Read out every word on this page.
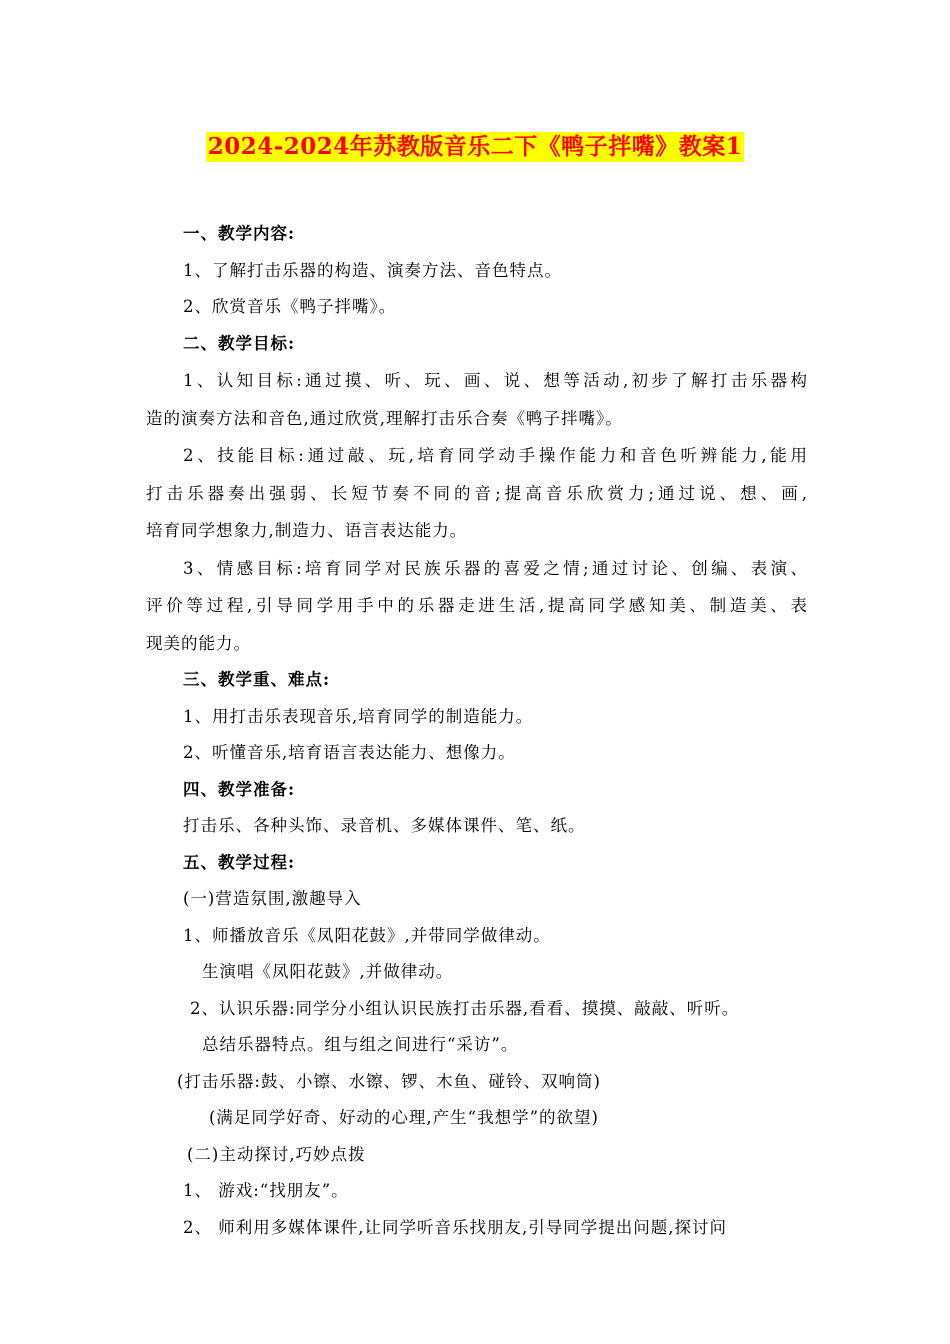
2024-2024年苏教版音乐二下《鸭子拌嘴》教案1
一、教学内容:
1、了解打击乐器的构造、演奏方法、音色特点。
2、欣赏音乐《鸭子拌嘴》。
二、教学目标:
1、认知目标:通过摸、听、玩、画、说、想等活动,初步了解打击乐器构
造的演奏方法和音色,通过欣赏,理解打击乐合奏《鸭子拌嘴》。
2、技能目标:通过敲、玩,培育同学动手操作能力和音色听辨能力,能用
打击乐器奏出强弱、长短节奏不同的音;提高音乐欣赏力;通过说、想、画,
培育同学想象力,制造力、语言表达能力。
3、情感目标:培育同学对民族乐器的喜爱之情;通过讨论、创编、表演、
评价等过程,引导同学用手中的乐器走进生活,提高同学感知美、制造美、表
现美的能力。
三、教学重、难点:
1、用打击乐表现音乐,培育同学的制造能力。
2、听懂音乐,培育语言表达能力、想像力。
四、教学准备:
打击乐、各种头饰、录音机、多媒体课件、笔、纸。
五、教学过程:
(一)营造氛围,激趣导入
1、师播放音乐《凤阳花鼓》,并带同学做律动。
生演唱《凤阳花鼓》,并做律动。
2、认识乐器:同学分小组认识民族打击乐器,看看、摸摸、敲敲、听听。
总结乐器特点。组与组之间进行“采访”。
(打击乐器:鼓、小镲、水镲、锣、木鱼、碰铃、双响筒)
(满足同学好奇、好动的心理,产生“我想学”的欲望)
(二)主动探讨,巧妙点拨
1、 游戏:“找朋友”。
2、 师利用多媒体课件,让同学听音乐找朋友,引导同学提出问题,探讨问
